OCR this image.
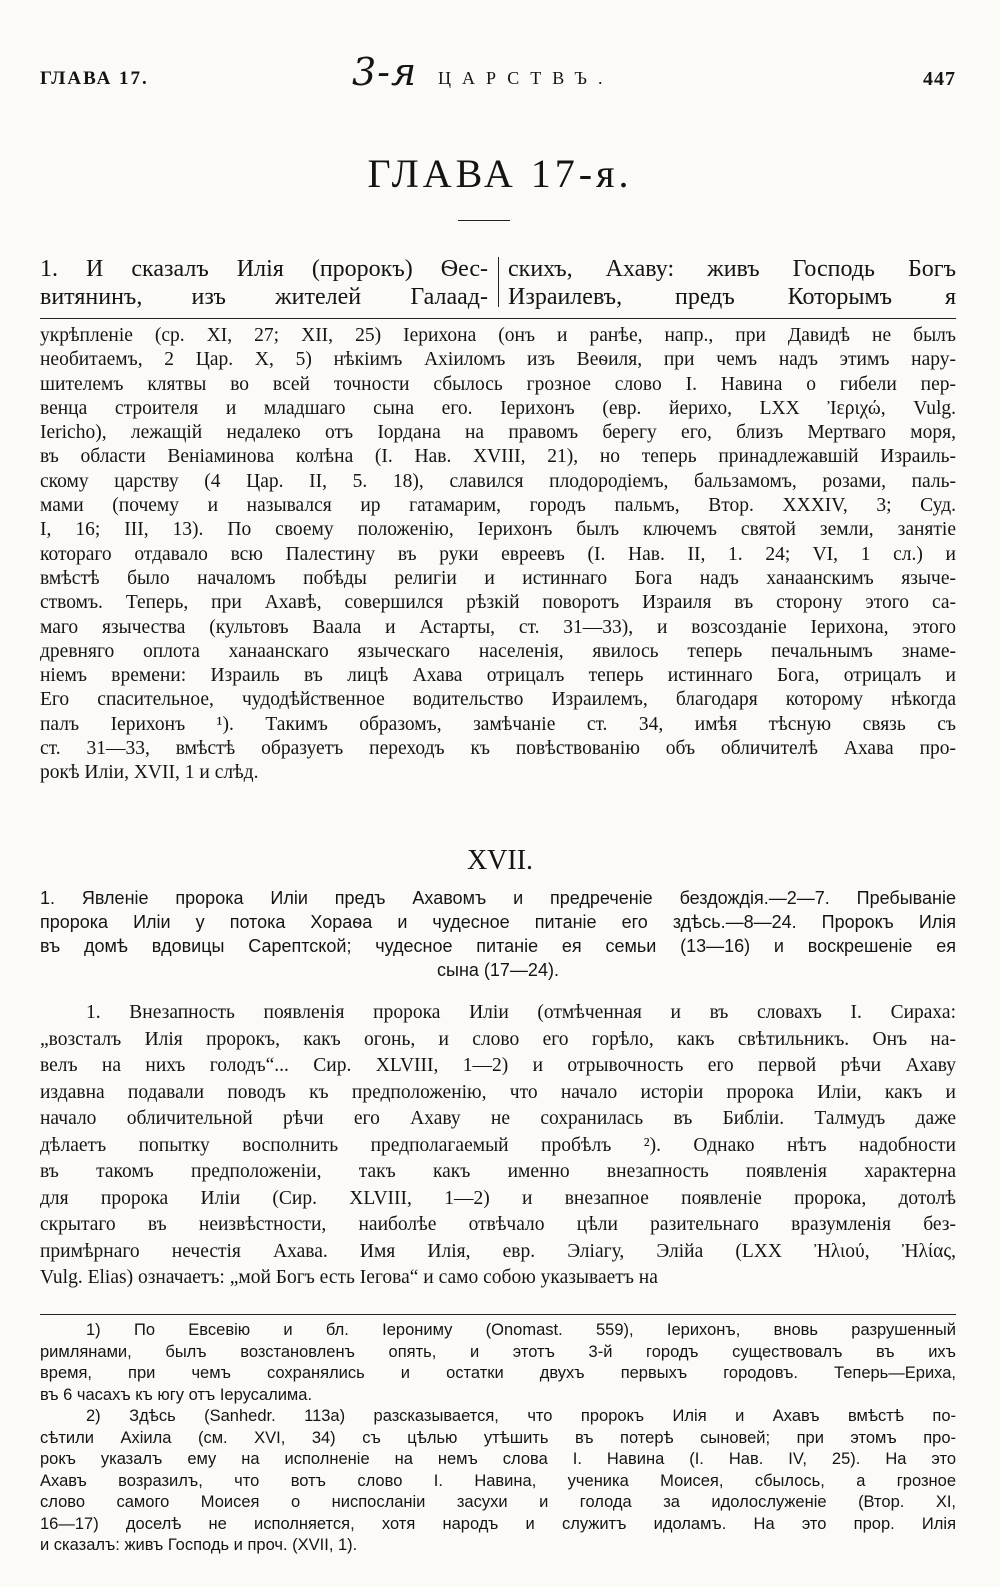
ГЛАВА 17.	3-я ЦАРСТВЪ.	447
ГЛАВА 17-я.
1. И сказалъ Илія (пророкъ) Ѳес-
витянинъ, изъ жителей Галаад-
скихъ, Ахаву: живъ Господь Богъ
Израилевъ, предъ Которымъ я
укрѣпленіе (ср. XI, 27; XII, 25) Іерихона (онъ и ранѣе, напр., при Давидѣ не былъ
необитаемъ, 2 Цар. X, 5) нѣкіимъ Ахіиломъ изъ Веѳиля, при чемъ надъ этимъ нару-
шителемъ клятвы во всей точности сбылось грозное слово І. Навина о гибели пер-
венца строителя и младшаго сына его. Іерихонъ (евр. йерихо, LXX Ἰεριχώ, Vulg.
Iericho), лежащій недалеко отъ Іордана на правомъ берегу его, близъ Мертваго моря,
въ области Веніаминова колѣна (І. Нав. XVIII, 21), но теперь принадлежавшій Израиль-
скому царству (4 Цар. II, 5. 18), славился плодородіемъ, бальзамомъ, розами, паль-
мами (почему и назывался ир гатамарим, городъ пальмъ, Втор. XXXIV, 3; Суд.
I, 16; III, 13). По своему положенію, Іерихонъ былъ ключемъ святой земли, занятіе
котораго отдавало всю Палестину въ руки евреевъ (І. Нав. II, 1. 24; VI, 1 сл.) и
вмѣстѣ было началомъ побѣды религіи и истиннаго Бога надъ ханаанскимъ языче-
ствомъ. Теперь, при Ахавѣ, совершился рѣзкій поворотъ Израиля въ сторону этого са-
маго язычества (культовъ Ваала и Астарты, ст. 31—33), и возсозданіе Іерихона, этого
древняго оплота ханаанскаго языческаго населенія, явилось теперь печальнымъ знаме-
ніемъ времени: Израиль въ лицѣ Ахава отрицалъ теперь истиннаго Бога, отрицалъ и
Его спасительное, чудодѣйственное водительство Израилемъ, благодаря которому нѣкогда
палъ Іерихонъ ¹). Такимъ образомъ, замѣчаніе ст. 34, имѣя тѣсную связь съ
ст. 31—33, вмѣстѣ образуетъ переходъ къ повѣствованію объ обличителѣ Ахава про-
рокѣ Иліи, XVII, 1 и слѣд.
XVII.
1. Явленіе пророка Иліи предъ Ахавомъ и предреченіе бездождія.—2—7. Пребываніе
пророка Иліи у потока Хораѳа и чудесное питаніе его здѣсь.—8—24. Пророкъ Илія
въ домѣ вдовицы Сарептской; чудесное питаніе ея семьи (13—16) и воскрешеніе ея
сына (17—24).
1. Внезапность появленія пророка Иліи (отмѣченная и въ словахъ І. Сираха:
„возсталъ Илія пророкъ, какъ огонь, и слово его горѣло, какъ свѣтильникъ. Онъ на-
велъ на нихъ голодъ“... Сир. XLVIII, 1—2) и отрывочность его первой рѣчи Ахаву
издавна подавали поводъ къ предположенію, что начало исторіи пророка Иліи, какъ и
начало обличительной рѣчи его Ахаву не сохранилась въ Библіи. Талмудъ даже
дѣлаетъ попытку восполнить предполагаемый пробѣлъ ²). Однако нѣтъ надобности
въ такомъ предположеніи, такъ какъ именно внезапность появленія характерна
для пророка Иліи (Сир. XLVIII, 1—2) и внезапное появленіе пророка, дотолѣ
скрытаго въ неизвѣстности, наиболѣе отвѣчало цѣли разительнаго вразумленія без-
примѣрнаго нечестія Ахава. Имя Илія, евр. Эліагу, Элійа (LXX Ἠλιού, Ἠλίας,
Vulg. Elias) означаетъ: „мой Богъ есть Іегова“ и само собою указываетъ на
1) По Евсевію и бл. Іерониму (Onomast. 559), Іерихонъ, вновь разрушенный
римлянами, былъ возстановленъ опять, и этотъ 3-й городъ существовалъ въ ихъ
время, при чемъ сохранялись и остатки двухъ первыхъ городовъ. Теперь—Ериха,
въ 6 часахъ къ югу отъ Іерусалима.
2) Здѣсь (Sanhedr. 113a) разсказывается, что пророкъ Илія и Ахавъ вмѣстѣ по-
сѣтили Ахіила (см. XVI, 34) съ цѣлью утѣшить въ потерѣ сыновей; при этомъ про-
рокъ указалъ ему на исполненіе на немъ слова І. Навина (І. Нав. IV, 25). На это
Ахавъ возразилъ, что вотъ слово І. Навина, ученика Моисея, сбылось, а грозное
слово самого Моисея о ниспосланіи засухи и голода за идолослуженіе (Втор. XI,
16—17) доселѣ не исполняется, хотя народъ и служитъ идоламъ. На это прор. Илія
и сказалъ: живъ Господь и проч. (XVII, 1).
